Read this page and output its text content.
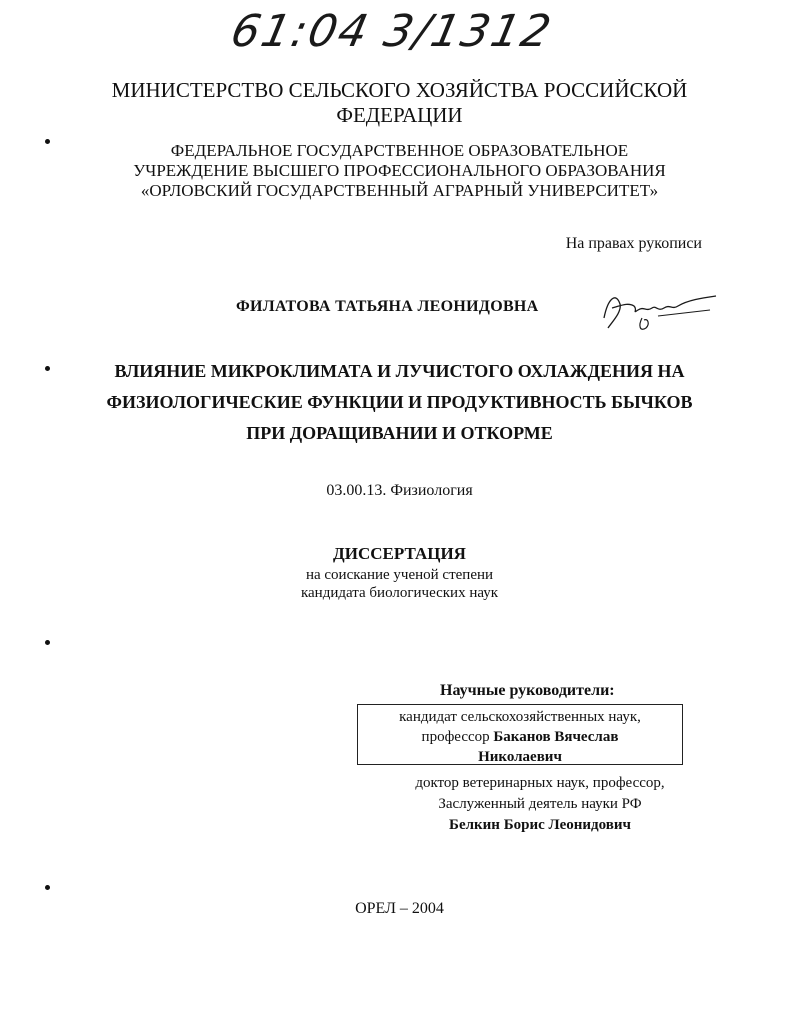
61:04 3/1312
МИНИСТЕРСТВО СЕЛЬСКОГО ХОЗЯЙСТВА РОССИЙСКОЙ
ФЕДЕРАЦИИ
ФЕДЕРАЛЬНОЕ ГОСУДАРСТВЕННОЕ ОБРАЗОВАТЕЛЬНОЕ
УЧРЕЖДЕНИЕ ВЫСШЕГО ПРОФЕССИОНАЛЬНОГО ОБРАЗОВАНИЯ
«ОРЛОВСКИЙ ГОСУДАРСТВЕННЫЙ АГРАРНЫЙ УНИВЕРСИТЕТ»
На правах рукописи
ФИЛАТОВА ТАТЬЯНА ЛЕОНИДОВНА
ВЛИЯНИЕ МИКРОКЛИМАТА И ЛУЧИСТОГО ОХЛАЖДЕНИЯ НА
ФИЗИОЛОГИЧЕСКИЕ ФУНКЦИИ И ПРОДУКТИВНОСТЬ БЫЧКОВ
ПРИ ДОРАЩИВАНИИ И ОТКОРМЕ
03.00.13. Физиология
ДИССЕРТАЦИЯ
на соискание ученой степени
кандидата биологических наук
Научные руководители:
кандидат сельскохозяйственных наук,
профессор Баканов Вячеслав
Николаевич
доктор ветеринарных наук, профессор,
Заслуженный деятель науки РФ
Белкин Борис Леонидович
ОРЕЛ – 2004
